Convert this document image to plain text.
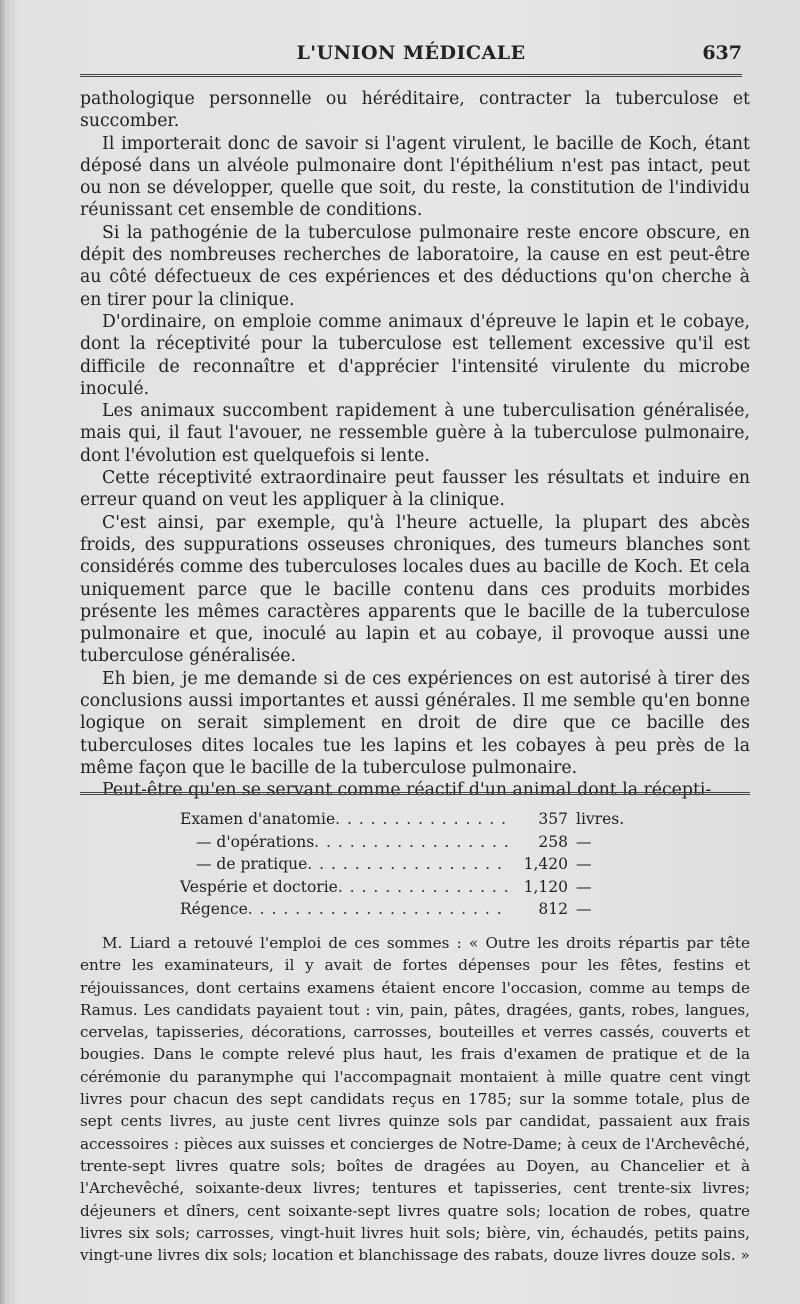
L'UNION MÉDICALE	637

pathologique personnelle ou héréditaire, contracter la tuberculose et succomber.

Il importerait donc de savoir si l'agent virulent, le bacille de Koch, étant déposé dans un alvéole pulmonaire dont l'épithélium n'est pas intact, peut ou non se développer, quelle que soit, du reste, la constitution de l'individu réunissant cet ensemble de conditions.

Si la pathogénie de la tuberculose pulmonaire reste encore obscure, en dépit des nombreuses recherches de laboratoire, la cause en est peut-être au côté défectueux de ces expériences et des déductions qu'on cherche à en tirer pour la clinique.

D'ordinaire, on emploie comme animaux d'épreuve le lapin et le cobaye, dont la réceptivité pour la tuberculose est tellement excessive qu'il est difficile de reconnaître et d'apprécier l'intensité virulente du microbe inoculé.

Les animaux succombent rapidement à une tuberculisation généralisée, mais qui, il faut l'avouer, ne ressemble guère à la tuberculose pulmonaire, dont l'évolution est quelquefois si lente.

Cette réceptivité extraordinaire peut fausser les résultats et induire en erreur quand on veut les appliquer à la clinique.

C'est ainsi, par exemple, qu'à l'heure actuelle, la plupart des abcès froids, des suppurations osseuses chroniques, des tumeurs blanches sont considérés comme des tuberculoses locales dues au bacille de Koch. Et cela uniquement parce que le bacille contenu dans ces produits morbides présente les mêmes caractères apparents que le bacille de la tuberculose pulmonaire et que, inoculé au lapin et au cobaye, il provoque aussi une tuberculose généralisée.

Eh bien, je me demande si de ces expériences on est autorisé à tirer des conclusions aussi importantes et aussi générales. Il me semble qu'en bonne logique on serait simplement en droit de dire que ce bacille des tuberculoses dites locales tue les lapins et les cobayes à peu près de la même façon que le bacille de la tuberculose pulmonaire.

Peut-être qu'en se servant comme réactif d'un animal dont la récepti-

Examen d'anatomie . . .	357 livres.
— d'opérations . . .	258 —
— de pratique . . .	1,420 —
Vespérie et doctorie . . .	1,120 —
Régence . . .	812 —

M. Liard a retouvé l'emploi de ces sommes : « Outre les droits répartis par tête entre les examinateurs, il y avait de fortes dépenses pour les fêtes, festins et réjouissances, dont certains examens étaient encore l'occasion, comme au temps de Ramus. Les candidats payaient tout : vin, pain, pâtes, dragées, gants, robes, langues, cervelas, tapisseries, décorations, carrosses, bouteilles et verres cassés, couverts et bougies. Dans le compte relevé plus haut, les frais d'examen de pratique et de la cérémonie du paranymphe qui l'accompagnait montaient à mille quatre cent vingt livres pour chacun des sept candidats reçus en 1785; sur la somme totale, plus de sept cents livres, au juste cent livres quinze sols par candidat, passaient aux frais accessoires : pièces aux suisses et concierges de Notre-Dame; à ceux de l'Archevêché, trente-sept livres quatre sols; boîtes de dragées au Doyen, au Chancelier et à l'Archevêché, soixante-deux livres; tentures et tapisseries, cent trente-six livres; déjeuners et dîners, cent soixante-sept livres quatre sols; location de robes, quatre livres six sols; carrosses, vingt-huit livres huit sols; bière, vin, échaudés, petits pains, vingt-une livres dix sols; location et blanchissage des rabats, douze livres douze sols. »
